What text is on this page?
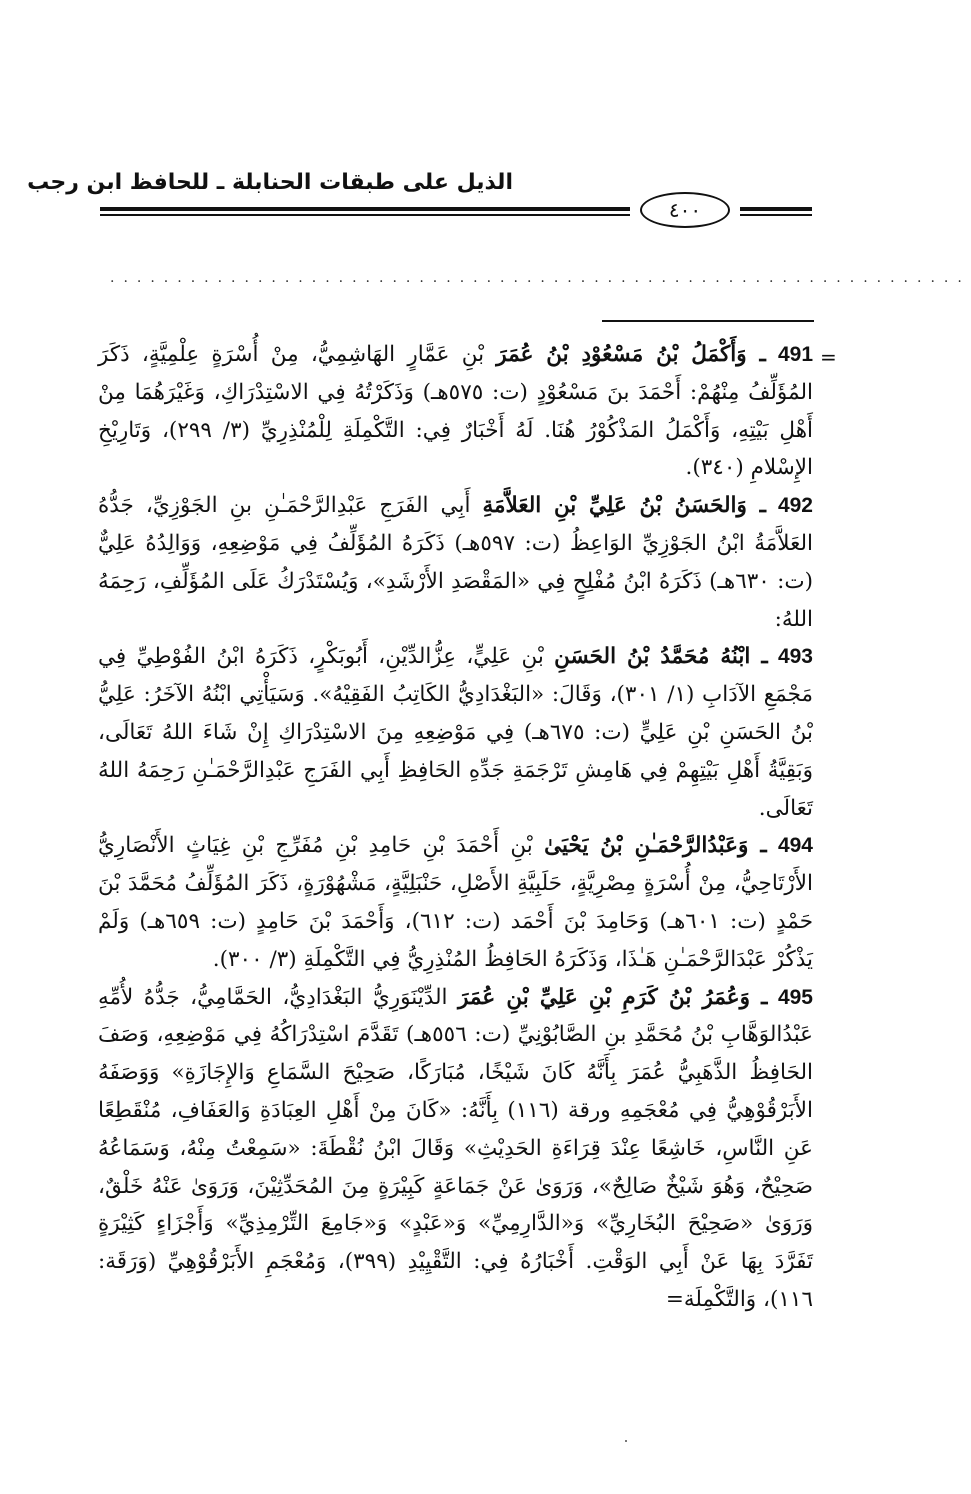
الذيل على طبقات الحنابلة ـ للحافظ ابن رجب
٤٠٠
................................................................
=

491 ـ وَأَكْمَلُ بْنُ مَسْعُوْدِ بْنُ عُمَرَ بْنِ عَمَّارٍ الهَاشِمِيُّ، مِنْ أُسْرَةٍ عِلْمِيَّةٍ، ذَكَرَ المُؤَلِّفُ مِنْهُمْ: أَحْمَدَ بنَ مَسْعُوْدٍ (ت: ٥٧٥هـ) وَذَكَرْتُهُ فِي الاسْتِدْرَاكِ، وَغَيْرَهُمَا مِنْ أَهْلِ بَيْتِهِ، وَأَكْمَلُ المَذْكُوْرُ هُنَا. لَهُ أَخْبَارٌ فِي: التَّكْمِلَةِ لِلْمُنْذِرِيِّ (٣/ ٢٩٩)، وَتَارِيْخِ الإِسْلامِ (٣٤٠).

492 ـ وَالحَسَنُ بْنُ عَلِيِّ بْنِ العَلاَّمَةِ أَبِي الفَرَجِ عَبْدِالرَّحْمَـٰنِ بنِ الجَوْزِيِّ، جَدُّهُ العَلاَّمَةُ ابْنُ الجَوْزِيِّ الوَاعِظُ (ت: ٥٩٧هـ) ذَكَرَهُ المُؤَلِّفُ فِي مَوْضِعِهِ، وَوَالِدُهُ عَلِيٌّ (ت: ٦٣٠هـ) ذَكَرَهُ ابْنُ مُفْلِحٍ فِي «المَقْصَدِ الأَرْشَدِ»، وَيُسْتَدْرَكُ عَلَى المُؤَلِّفِ، رَحِمَهُ اللهُ:

493 ـ ابْنُهُ مُحَمَّدُ بْنُ الحَسَنِ بْنِ عَلِيٍّ، عِزُّالدِّيْنِ، أَبُوبَكْرٍ، ذَكَرَهُ ابْنُ الفُوْطِيِّ فِي مَجْمَعِ الآدَابِ (١/ ٣٠١)، وَقَالَ: «البَغْدَادِيُّ الكَاتِبُ الفَقِيْهُ». وَسَيَأْتِي ابْنُهُ الآخَرُ: عَلِيُّ بْنُ الحَسَنِ بْنِ عَلِيٍّ (ت: ٦٧٥هـ) فِي مَوْضِعِهِ مِنَ الاسْتِدْرَاكِ إِنْ شَاءَ اللهُ تَعَالَى، وَبَقِيَّةُ أَهْلِ بَيْتِهِمْ فِي هَامِشِ تَرْجَمَةِ جَدِّهِ الحَافِظِ أَبِي الفَرَجِ عَبْدِالرَّحْمَـٰنِ رَحِمَهُ اللهُ تَعَالَى.

494 ـ وَعَبْدُالرَّحْمَـٰنِ بْنُ يَحْيَىٰ بْنِ أَحْمَدَ بْنِ حَامِدِ بْنِ مُفَرِّجِ بْنِ غِيَاثٍ الأَنْصَارِيُّ الأَرْتَاحِيُّ، مِنْ أُسْرَةٍ مِصْرِيَّةٍ، حَلَبِيَّةِ الأَصْلِ، حَنْبَلِيَّةٍ، مَشْهُوْرَةٍ، ذَكَرَ المُؤَلِّفُ مُحَمَّدَ بْنَ حَمْدٍ (ت: ٦٠١هـ) وَحَامِدَ بْنَ أَحْمَد (ت: ٦١٢)، وَأَحْمَدَ بْنَ حَامِدٍ (ت: ٦٥٩هـ) وَلَمْ يَذْكُرْ عَبْدَالرَّحْمَـٰنِ هَـٰذَا، وَذَكَرَهُ الحَافِظُ المُنْذِرِيُّ فِي التَّكْمِلَةِ (٣/ ٣٠٠).

495 ـ وَعُمَرُ بْنُ كَرَمِ بْنِ عَلِيِّ بْنِ عُمَرَ الدِّيْنَوَرِيُّ البَغْدَادِيُّ، الحَمَّامِيُّ، جَدُّهُ لأُمِّهِ عَبْدُالوَهَّابِ بْنُ مُحَمَّدِ بنِ الصَّابُوْنِيِّ (ت: ٥٥٦هـ) تَقَدَّمَ اسْتِدْرَاكُهُ فِي مَوْضِعِهِ، وَصَفَ الحَافِظُ الذَّهَبِيُّ عُمَرَ بِأَنَّهُ كَانَ شَيْخًا، مُبَارَكًا، صَحِيْحَ السَّمَاعِ وَالإِجَازَةِ» وَوَصَفَهُ الأَبَرْقُوْهِيُّ فِي مُعْجَمِهِ ورقة (١١٦) بِأَنَّهُ: «كَانَ مِنْ أَهْلِ العِبَادَةِ وَالعَفَافِ، مُنْقَطِعًا عَنِ النَّاسِ، خَاشِعًا عِنْدَ قِرَاءَةِ الحَدِيْثِ» وَقَالَ ابْنُ نُقْطَةَ: «سَمِعْتُ مِنْهُ، وَسَمَاعُهُ صَحِيْحٌ، وَهُوَ شَيْخٌ صَالِحٌ»، وَرَوَىٰ عَنْ جَمَاعَةٍ كَبِيْرَةٍ مِنَ المُحَدِّثِيْنَ، وَرَوَىٰ عَنْهُ خَلْقٌ، وَرَوَىٰ «صَحِيْحَ البُخَارِيِّ» وَ«الدَّارِمِيِّ» وَ«عَبْدٍ» وَ«جَامِعَ التِّرْمِذِيِّ» وَأَجْزَاءٍ كَثِيْرَةٍ تَفَرَّدَ بِهَا عَنْ أَبِي الوَقْتِ. أَخْبَارُهُ فِي: التَّقْيِيْدِ (٣٩٩)، وَمُعْجَمِ الأَبَرْقُوْهِيِّ (وَرَقَة: ١١٦)، وَالتَّكْمِلَة=
